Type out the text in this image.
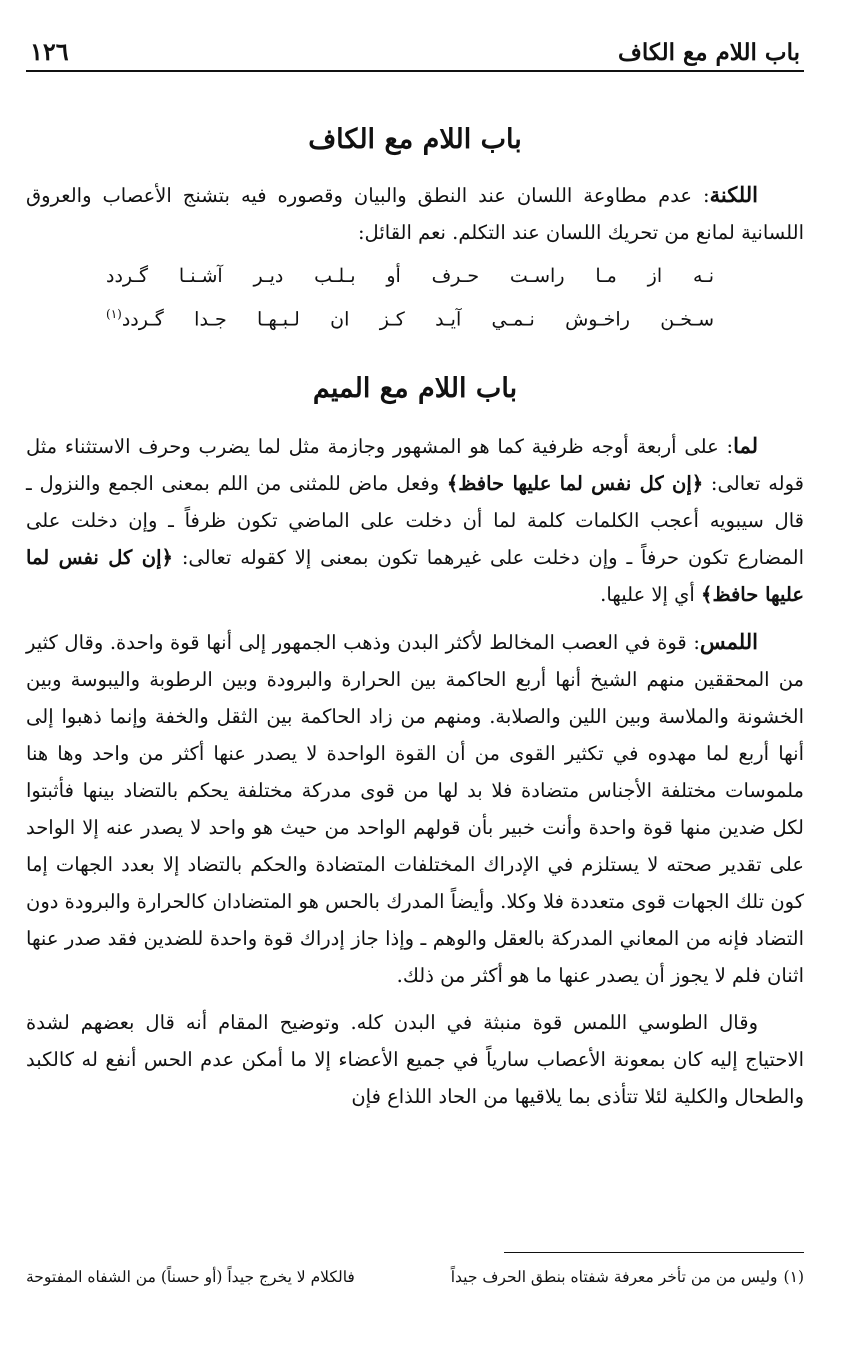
باب اللام مع الكاف
١٢٦
باب اللام مع الكاف

اللكنة: عدم مطاوعة اللسان عند النطق والبيان وقصوره فيه بتشنج الأعصاب والعروق اللسانية لمانع من تحريك اللسان عند التكلم. نعم القائل:

نـه از مـا راسـت حـرف أو بـلـب ديـر آشـنـا گـردد
سـخـن راخـوش نـمـي آيـد كـز ان لـبـهـا جـدا گـردد$^{(١)}$
باب اللام مع الميم

لما: على أربعة أوجه ظرفية كما هو المشهور وجازمة مثل لما يضرب وحرف الاستثناء مثل قوله تعالى: ﴿إن كل نفس لما عليها حافظ﴾ وفعل ماض للمثنى من اللم بمعنى الجمع والنزول ـ قال سيبويه أعجب الكلمات كلمة لما أن دخلت على الماضي تكون ظرفاً ـ وإن دخلت على المضارع تكون حرفاً ـ وإن دخلت على غيرهما تكون بمعنى إلا كقوله تعالى: ﴿إن كل نفس لما عليها حافظ﴾ أي إلا عليها.

اللمس: قوة في العصب المخالط لأكثر البدن وذهب الجمهور إلى أنها قوة واحدة. وقال كثير من المحققين منهم الشيخ أنها أربع الحاكمة بين الحرارة والبرودة وبين الرطوبة واليبوسة وبين الخشونة والملاسة وبين اللين والصلابة. ومنهم من زاد الحاكمة بين الثقل والخفة وإنما ذهبوا إلى أنها أربع لما مهدوه في تكثير القوى من أن القوة الواحدة لا يصدر عنها أكثر من واحد وها هنا ملموسات مختلفة الأجناس متضادة فلا بد لها من قوى مدركة مختلفة يحكم بالتضاد بينها فأثبتوا لكل ضدين منها قوة واحدة وأنت خبير بأن قولهم الواحد من حيث هو واحد لا يصدر عنه إلا الواحد على تقدير صحته لا يستلزم في الإدراك المختلفات المتضادة والحكم بالتضاد إلا بعدد الجهات إما كون تلك الجهات قوى متعددة فلا وكلا. وأيضاً المدرك بالحس هو المتضادان كالحرارة والبرودة دون التضاد فإنه من المعاني المدركة بالعقل والوهم ـ وإذا جاز إدراك قوة واحدة للضدين فقد صدر عنها اثنان فلم لا يجوز أن يصدر عنها ما هو أكثر من ذلك.

وقال الطوسي اللمس قوة منبثة في البدن كله. وتوضيح المقام أنه قال بعضهم لشدة الاحتياج إليه كان بمعونة الأعصاب سارياً في جميع الأعضاء إلا ما أمكن عدم الحس أنفع له كالكبد والطحال والكلية لئلا تتأذى بما يلاقيها من الحاد اللذاع فإن

(١)وليس من من تأخر معرفة شفتاه بنطق الحرف جيداً
فالكلام لا يخرج جيداً (أو حسناً) من الشفاه المفتوحة
